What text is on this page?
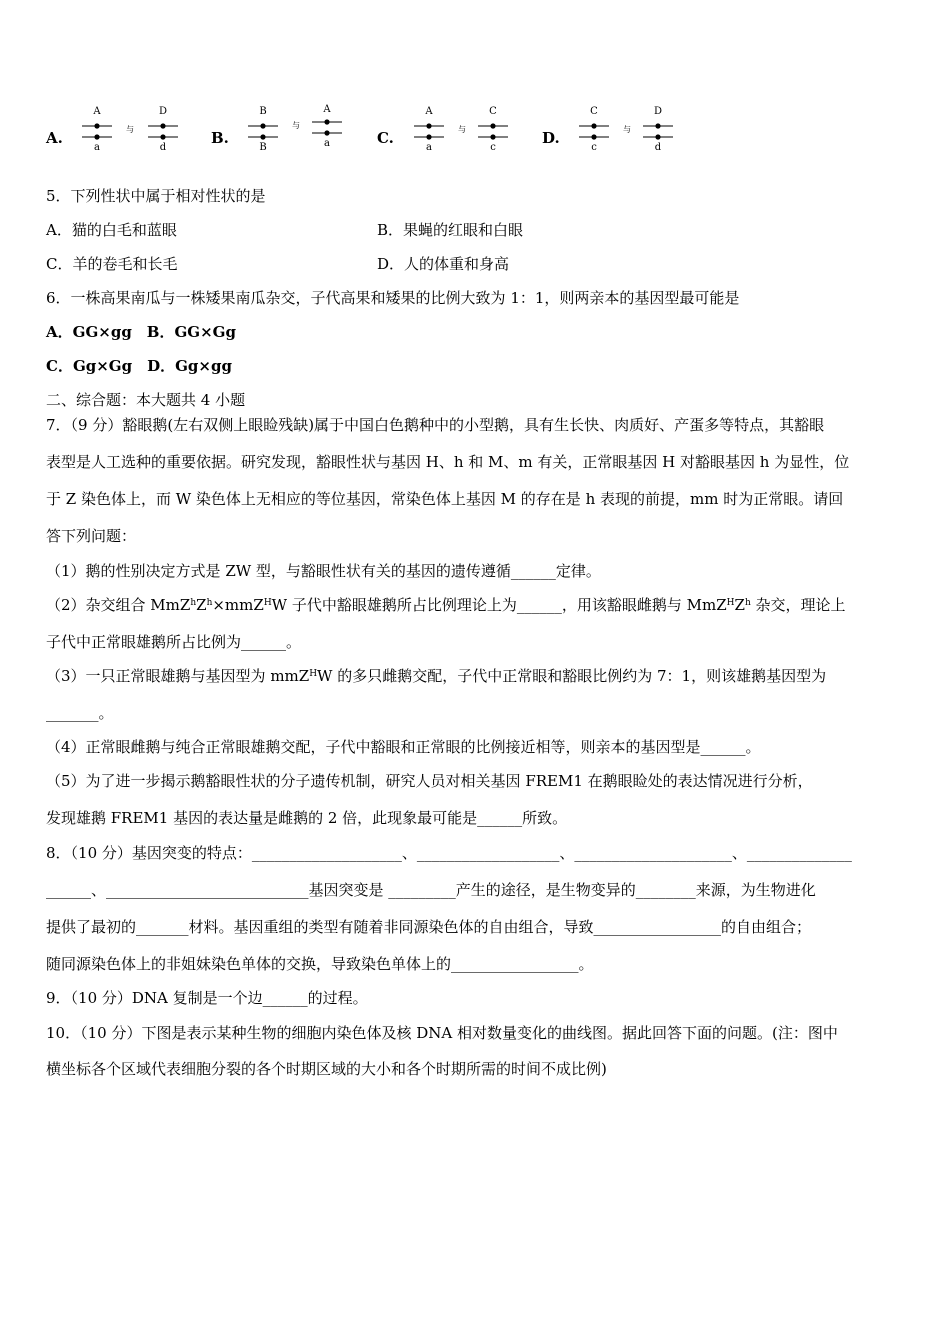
A.
A
a
与
D
d
B.
B
B
与
A
a	C.
A
a
与
C
c
D.
C
c
与
D
d
5．下列性状中属于相对性状的是
A．猫的白毛和蓝眼	B．果蝇的红眼和白眼
C．羊的卷毛和长毛	D．人的体重和身高
6．一株高果南瓜与一株矮果南瓜杂交，子代高果和矮果的比例大致为 1：1，则两亲本的基因型最可能是
A．GG×gg　B．GG×Gg
C．Gg×Gg　D．Gg×gg
二、综合题：本大题共 4 小题
7．（9 分）豁眼鹅(左右双侧上眼睑残缺)属于中国白色鹅种中的小型鹅，具有生长快、肉质好、产蛋多等特点，其豁眼
表型是人工选种的重要依据。研究发现，豁眼性状与基因 H、h 和 M、m 有关，正常眼基因 H 对豁眼基因 h 为显性，位
于 Z 染色体上，而 W 染色体上无相应的等位基因，常染色体上基因 M 的存在是 h 表现的前提，mm 时为正常眼。请回
答下列问题：
（1）鹅的性别决定方式是 ZW 型，与豁眼性状有关的基因的遗传遵循______定律。
（2）杂交组合 $MmZ^hZ^h\times mmZ^HW$ 子代中豁眼雄鹅所占比例理论上为______，用该豁眼雌鹅与 $MmZ^HZ^h$ 杂交，理论上
子代中正常眼雄鹅所占比例为______。
（3）一只正常眼雄鹅与基因型为 mmZ$^H$W 的多只雌鹅交配，子代中正常眼和豁眼比例约为 7：1，则该雄鹅基因型为
_______。
（4）正常眼雌鹅与纯合正常眼雄鹅交配，子代中豁眼和正常眼的比例接近相等，则亲本的基因型是______。
（5）为了进一步揭示鹅豁眼性状的分子遗传机制，研究人员对相关基因 FREM1 在鹅眼睑处的表达情况进行分析，
发现雄鹅 FREM1 基因的表达量是雌鹅的 2 倍，此现象最可能是______所致。
8．（10 分）基因突变的特点：____________________、___________________、_____________________、______________
______、___________________________基因突变是 _________产生的途径，是生物变异的________来源，为生物进化
提供了最初的_______材料。基因重组的类型有随着非同源染色体的自由组合，导致_________________的自由组合；
随同源染色体上的非姐妹染色单体的交换，导致染色单体上的_________________。
9．（10 分）DNA 复制是一个边______的过程。
10．（10 分）下图是表示某种生物的细胞内染色体及核 DNA 相对数量变化的曲线图。据此回答下面的问题。(注：图中
横坐标各个区域代表细胞分裂的各个时期区域的大小和各个时期所需的时间不成比例)
